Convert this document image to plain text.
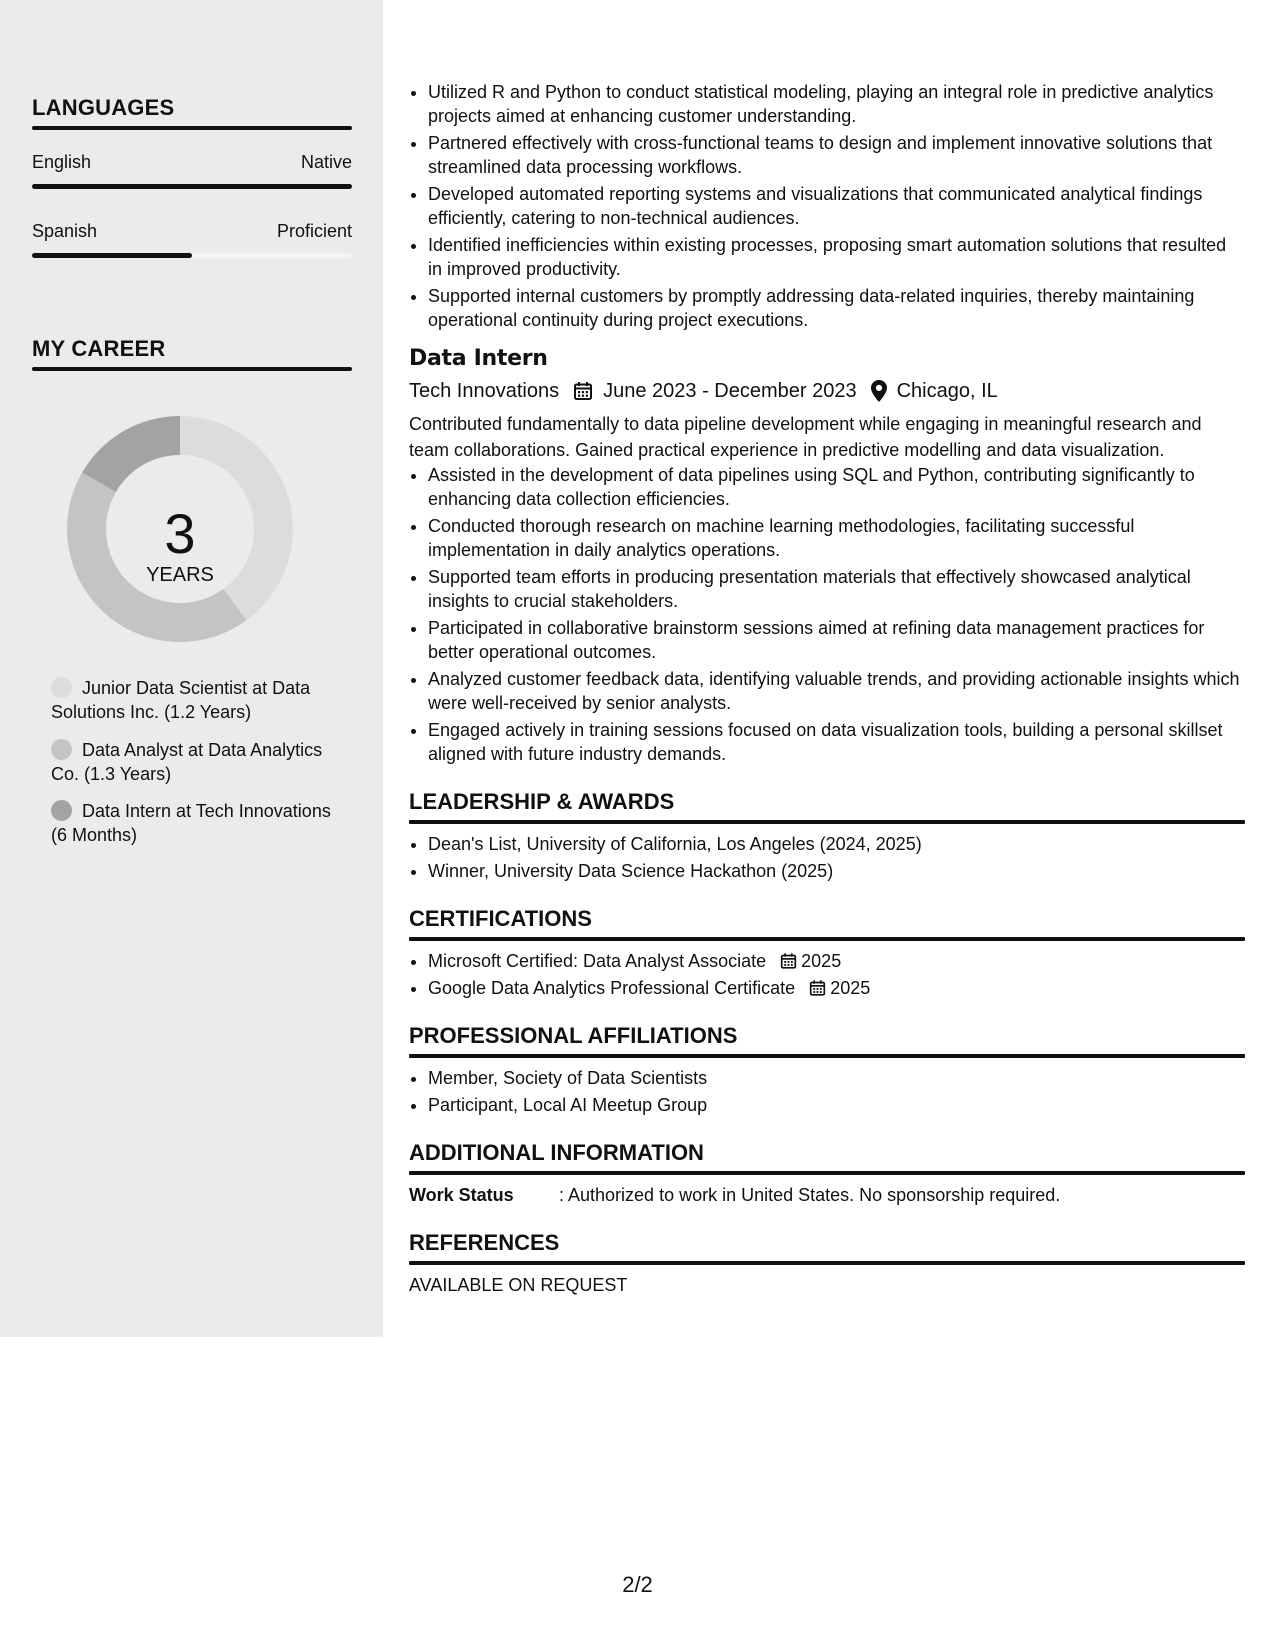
LANGUAGES
English	Native
Spanish	Proficient
MY CAREER
3
YEARS
Junior Data Scientist at Data Solutions Inc. (1.2 Years)
Data Analyst at Data Analytics Co. (1.3 Years)
Data Intern at Tech Innovations (6 Months)
• Utilized R and Python to conduct statistical modeling, playing an integral role in predictive analytics projects aimed at enhancing customer understanding.
• Partnered effectively with cross-functional teams to design and implement innovative solutions that streamlined data processing workflows.
• Developed automated reporting systems and visualizations that communicated analytical findings efficiently, catering to non-technical audiences.
• Identified inefficiencies within existing processes, proposing smart automation solutions that resulted in improved productivity.
• Supported internal customers by promptly addressing data-related inquiries, thereby maintaining operational continuity during project executions.
Data Intern
Tech Innovations June 2023 - December 2023 Chicago, IL
Contributed fundamentally to data pipeline development while engaging in meaningful research and team collaborations. Gained practical experience in predictive modelling and data visualization.
• Assisted in the development of data pipelines using SQL and Python, contributing significantly to enhancing data collection efficiencies.
• Conducted thorough research on machine learning methodologies, facilitating successful implementation in daily analytics operations.
• Supported team efforts in producing presentation materials that effectively showcased analytical insights to crucial stakeholders.
• Participated in collaborative brainstorm sessions aimed at refining data management practices for better operational outcomes.
• Analyzed customer feedback data, identifying valuable trends, and providing actionable insights which were well-received by senior analysts.
• Engaged actively in training sessions focused on data visualization tools, building a personal skillset aligned with future industry demands.
LEADERSHIP & AWARDS
• Dean's List, University of California, Los Angeles (2024, 2025)
• Winner, University Data Science Hackathon (2025)
CERTIFICATIONS
• Microsoft Certified: Data Analyst Associate 2025
• Google Data Analytics Professional Certificate 2025
PROFESSIONAL AFFILIATIONS
• Member, Society of Data Scientists
• Participant, Local AI Meetup Group
ADDITIONAL INFORMATION
Work Status	: Authorized to work in United States. No sponsorship required.
REFERENCES
AVAILABLE ON REQUEST
2/2
